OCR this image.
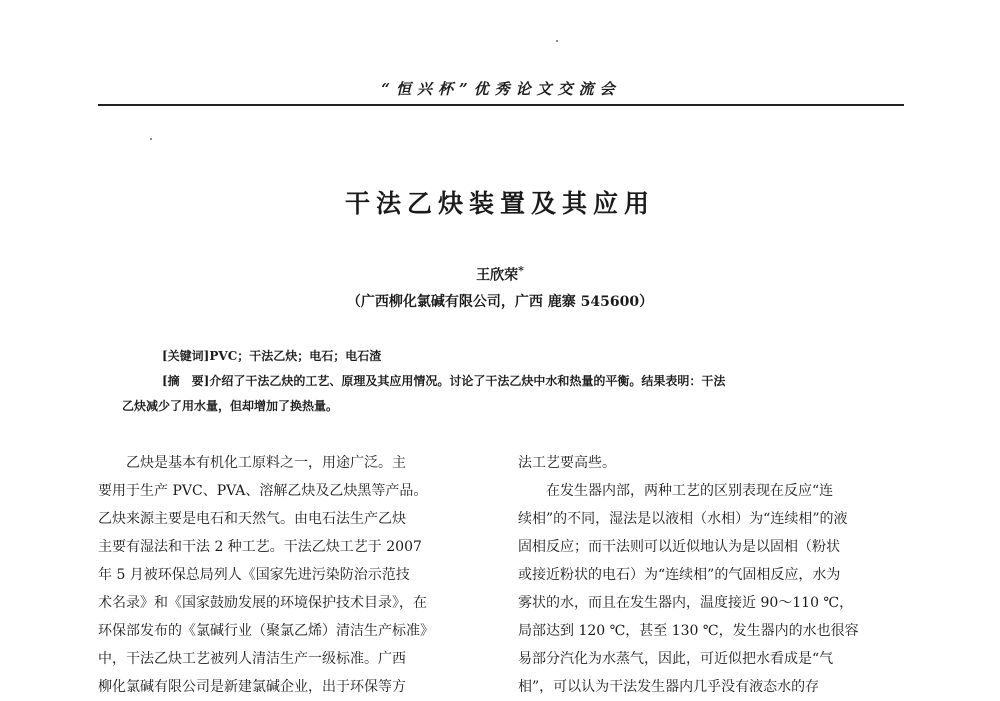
“恒兴杯”优秀论文交流会
干法乙炔装置及其应用
王欣荣*
（广西柳化氯碱有限公司，广西 鹿寨 545600）
[关键词]PVC；干法乙炔；电石；电石渣
[摘　要]介绍了干法乙炔的工艺、原理及其应用情况。讨论了干法乙炔中水和热量的平衡。结果表明：干法
乙炔减少了用水量，但却增加了换热量。
乙炔是基本有机化工原料之一，用途广泛。主
要用于生产 PVC、PVA、溶解乙炔及乙炔黑等产品。
乙炔来源主要是电石和天然气。由电石法生产乙炔
主要有湿法和干法 2 种工艺。干法乙炔工艺于 2007
年 5 月被环保总局列人《国家先进污染防治示范技
术名录》和《国家鼓励发展的环境保护技术目录》，在
环保部发布的《氯碱行业（聚氯乙烯）清洁生产标准》
中，干法乙炔工艺被列人清洁生产一级标准。广西
柳化氯碱有限公司是新建氯碱企业，出于环保等方
法工艺要高些。
在发生器内部，两种工艺的区别表现在反应“连
续相”的不同，湿法是以液相（水相）为“连续相”的液
固相反应；而干法则可以近似地认为是以固相（粉状
或接近粉状的电石）为“连续相”的气固相反应，水为
雾状的水，而且在发生器内，温度接近 90～110 ℃，
局部达到 120 ℃，甚至 130 ℃，发生器内的水也很容
易部分汽化为水蒸气，因此，可近似把水看成是“气
相”，可以认为干法发生器内几乎没有液态水的存
